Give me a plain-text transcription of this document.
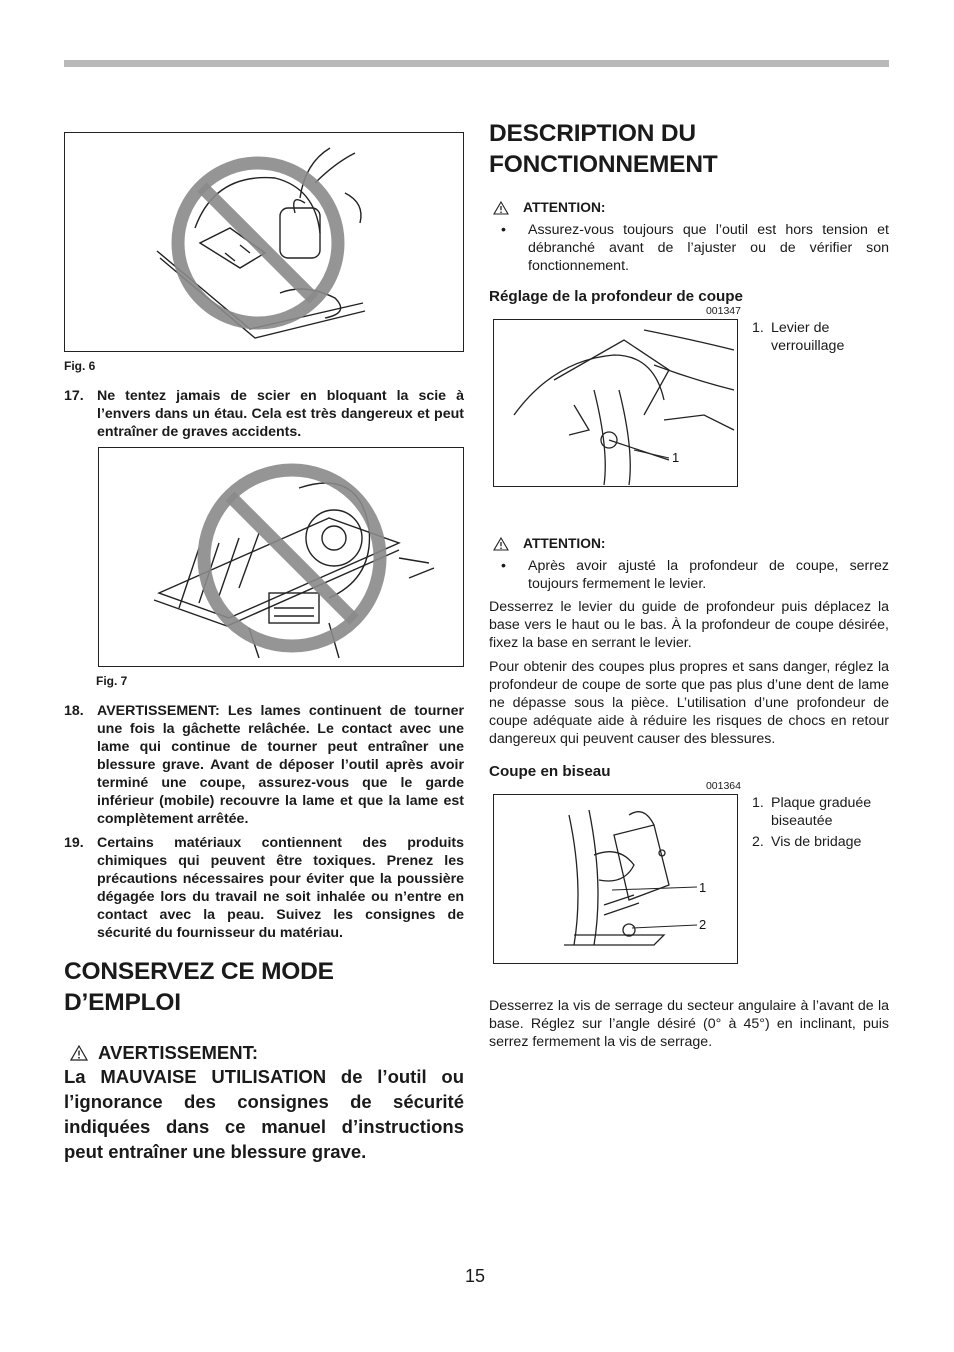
Fig. 6
17. Ne tentez jamais de scier en bloquant la scie à l’envers dans un étau. Cela est très dangereux et peut entraîner de graves accidents.
Fig. 7
18. AVERTISSEMENT: Les lames continuent de tourner une fois la gâchette relâchée. Le contact avec une lame qui continue de tourner peut entraîner une blessure grave. Avant de déposer l’outil après avoir terminé une coupe, assurez-vous que le garde inférieur (mobile) recouvre la lame et que la lame est complètement arrêtée.
19. Certains matériaux contiennent des produits chimiques qui peuvent être toxiques. Prenez les précautions nécessaires pour éviter que la poussière dégagée lors du travail ne soit inhalée ou n’entre en contact avec la peau. Suivez les consignes de sécurité du fournisseur du matériau.
CONSERVEZ CE MODE
D’EMPLOI
AVERTISSEMENT:
La MAUVAISE UTILISATION de l’outil ou l’ignorance des consignes de sécurité indiquées dans ce manuel d’instructions peut entraîner une blessure grave.
DESCRIPTION DU
FONCTIONNEMENT
ATTENTION:
• Assurez-vous toujours que l’outil est hors tension et débranché avant de l’ajuster ou de vérifier son fonctionnement.
Réglage de la profondeur de coupe
001347
1
1. Levier de verrouillage
ATTENTION:
• Après avoir ajusté la profondeur de coupe, serrez toujours fermement le levier.

Desserrez le levier du guide de profondeur puis déplacez la base vers le haut ou le bas. À la profondeur de coupe désirée, fixez la base en serrant le levier.

Pour obtenir des coupes plus propres et sans danger, réglez la profondeur de coupe de sorte que pas plus d’une dent de lame ne dépasse sous la pièce. L’utilisation d’une profondeur de coupe adéquate aide à réduire les risques de chocs en retour dangereux qui peuvent causer des blessures.

Coupe en biseau
001364
1
2
1. Plaque graduée biseautée
2. Vis de bridage

Desserrez la vis de serrage du secteur angulaire à l’avant de la base. Réglez sur l’angle désiré (0° à 45°) en inclinant, puis serrez fermement la vis de serrage.

15
